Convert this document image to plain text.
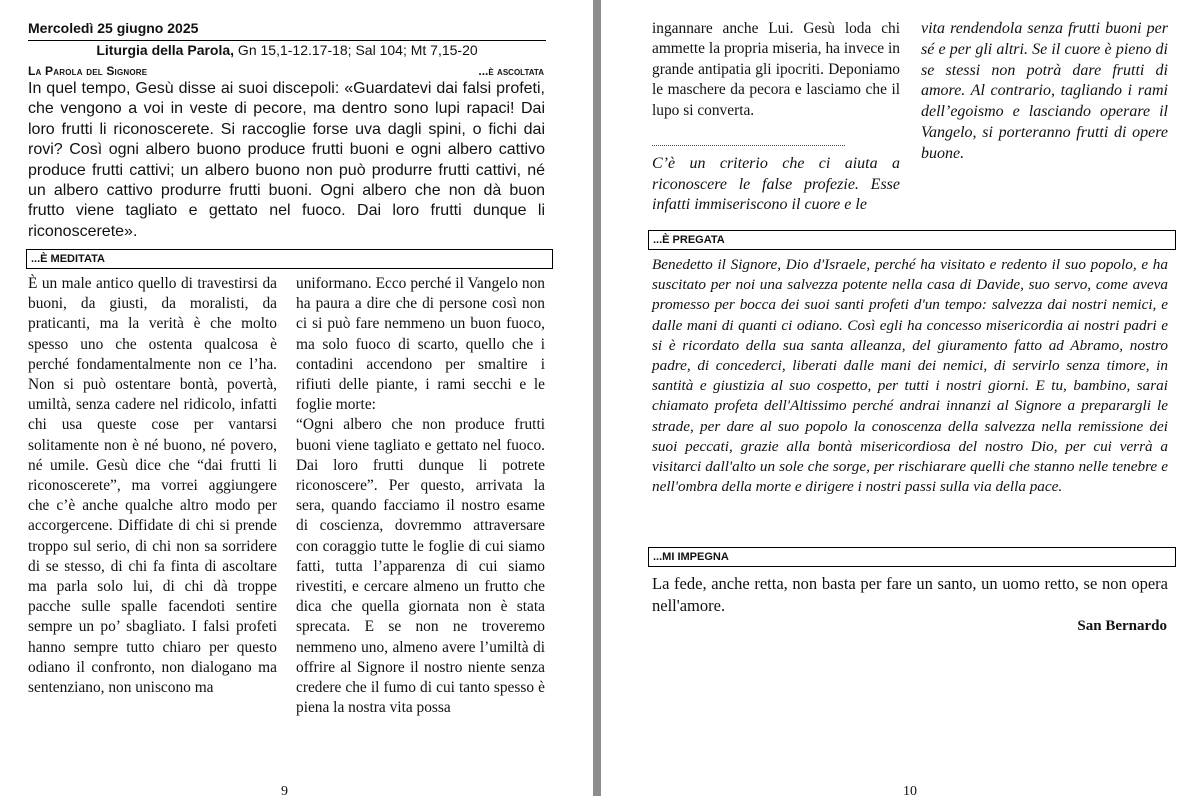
Mercoledì 25 giugno 2025
Liturgia della Parola, Gn 15,1-12.17-18; Sal 104; Mt 7,15-20
La Parola del Signore	...è ascoltata

In quel tempo, Gesù disse ai suoi discepoli: «Guardatevi dai falsi profeti, che vengono a voi in veste di pecore, ma dentro sono lupi rapaci! Dai loro frutti li riconoscerete. Si raccoglie forse uva dagli spini, o fichi dai rovi? Così ogni albero buono produce frutti buoni e ogni albero cattivo produce frutti cattivi; un albero buono non può produrre frutti cattivi, né un albero cattivo produrre frutti buoni. Ogni albero che non dà buon frutto viene tagliato e gettato nel fuoco. Dai loro frutti dunque li riconoscerete».

...È MEDITATA

È un male antico quello di travestirsi da buoni, da giusti, da moralisti, da praticanti, ma la verità è che molto spesso uno che ostenta qualcosa è perché fondamentalmente non ce l’ha. Non si può ostentare bontà, povertà, umiltà, senza cadere nel ridicolo, infatti chi usa queste cose per vantarsi solitamente non è né buono, né povero, né umile. Gesù dice che “dai frutti li riconoscerete”, ma vorrei aggiungere che c’è anche qualche altro modo per accorgercene. Diffidate di chi si prende troppo sul serio, di chi non sa sorridere di se stesso, di chi fa finta di ascoltare ma parla solo lui, di chi dà troppe pacche sulle spalle facendoti sentire sempre un po’ sbagliato. I falsi profeti hanno sempre tutto chiaro per questo odiano il confronto, non dialogano ma sentenziano, non uniscono ma

uniformano. Ecco perché il Vangelo non ha paura a dire che di persone così non ci si può fare nemmeno un buon fuoco, ma solo fuoco di scarto, quello che i contadini accendono per smaltire i rifiuti delle piante, i rami secchi e le foglie morte:

“Ogni albero che non produce frutti buoni viene tagliato e gettato nel fuoco. Dai loro frutti dunque li potrete riconoscere”. Per questo, arrivata la sera, quando facciamo il nostro esame di coscienza, dovremmo attraversare con coraggio tutte le foglie di cui siamo fatti, tutta l’apparenza di cui siamo rivestiti, e cercare almeno un frutto che dica che quella giornata non è stata sprecata. E se non ne troveremo nemmeno uno, almeno avere l’umiltà di offrire al Signore il nostro niente senza credere che il fumo di cui tanto spesso è piena la nostra vita possa

9

ingannare anche Lui. Gesù loda chi ammette la propria miseria, ha invece in grande antipatia gli ipocriti. Deponiamo le maschere da pecora e lasciamo che il lupo si converta.

C’è un criterio che ci aiuta a riconoscere le false profezie. Esse infatti immiseriscono il cuore e le

vita rendendola senza frutti buoni per sé e per gli altri. Se il cuore è pieno di se stessi non potrà dare frutti di amore. Al contrario, tagliando i rami dell’egoismo e lasciando operare il Vangelo, si porteranno frutti di opere buone.

...È PREGATA

Benedetto il Signore, Dio d'Israele, perché ha visitato e redento il suo popolo, e ha suscitato per noi una salvezza potente nella casa di Davide, suo servo, come aveva promesso per bocca dei suoi santi profeti d'un tempo: salvezza dai nostri nemici, e dalle mani di quanti ci odiano. Così egli ha concesso misericordia ai nostri padri e si è ricordato della sua santa alleanza, del giuramento fatto ad Abramo, nostro padre, di concederci, liberati dalle mani dei nemici, di servirlo senza timore, in santità e giustizia al suo cospetto, per tutti i nostri giorni. E tu, bambino, sarai chiamato profeta dell'Altissimo perché andrai innanzi al Signore a preparargli le strade, per dare al suo popolo la conoscenza della salvezza nella remissione dei suoi peccati, grazie alla bontà misericordiosa del nostro Dio, per cui verrà a visitarci dall'alto un sole che sorge, per rischiarare quelli che stanno nelle tenebre e nell'ombra della morte e dirigere i nostri passi sulla via della pace.

...MI IMPEGNA

La fede, anche retta, non basta per fare un santo, un uomo retto, se non opera nell'amore.

San Bernardo
10
